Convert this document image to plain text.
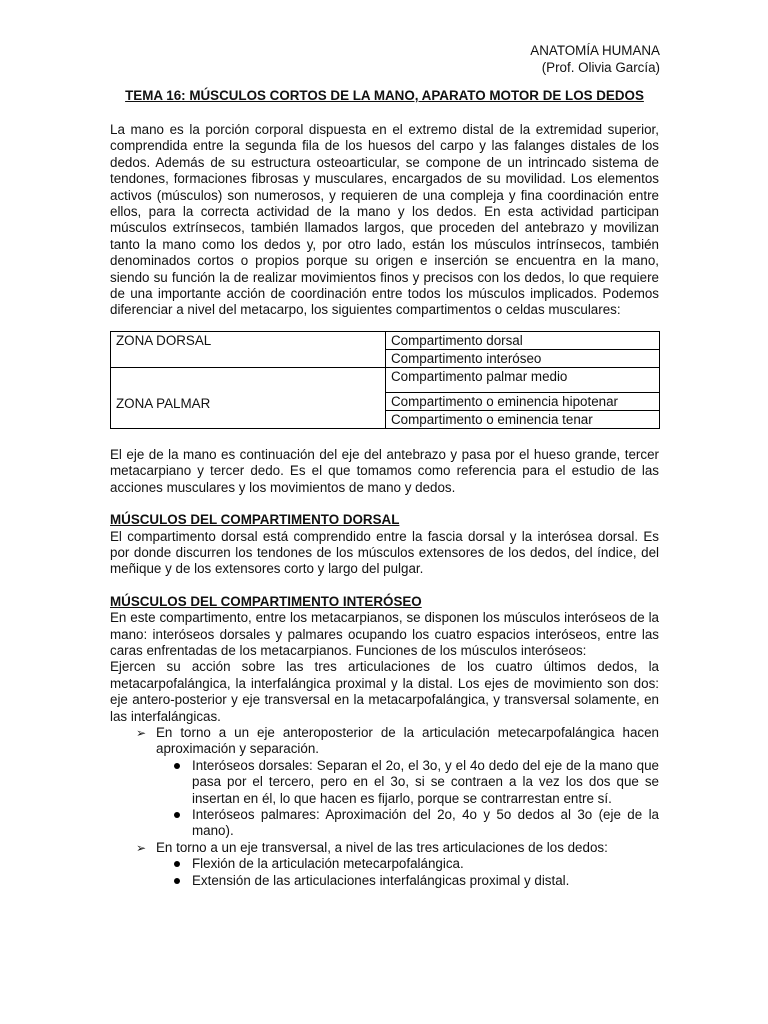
ANATOMÍA HUMANA
(Prof. Olivia García)
TEMA 16: MÚSCULOS CORTOS DE LA MANO, APARATO MOTOR DE LOS DEDOS

La mano es la porción corporal dispuesta en el extremo distal de la extremidad superior, comprendida entre la segunda fila de los huesos del carpo y las falanges distales de los dedos. Además de su estructura osteoarticular, se compone de un intrincado sistema de tendones, formaciones fibrosas y musculares, encargados de su movilidad. Los elementos activos (músculos) son numerosos, y requieren de una compleja y fina coordinación entre ellos, para la correcta actividad de la mano y los dedos. En esta actividad participan músculos extrínsecos, también llamados largos, que proceden del antebrazo y movilizan tanto la mano como los dedos y, por otro lado, están los músculos intrínsecos, también denominados cortos o propios porque su origen e inserción se encuentra en la mano, siendo su función la de realizar movimientos finos y precisos con los dedos, lo que requiere de una importante acción de coordinación entre todos los músculos implicados. Podemos diferenciar a nivel del metacarpo, los siguientes compartimentos o celdas musculares:

ZONA DORSAL	Compartimento dorsal
	Compartimento interóseo
ZONA PALMAR	Compartimento palmar medio
	Compartimento o eminencia hipotenar
	Compartimento o eminencia tenar

El eje de la mano es continuación del eje del antebrazo y pasa por el hueso grande, tercer metacarpiano y tercer dedo. Es el que tomamos como referencia para el estudio de las acciones musculares y los movimientos de mano y dedos.

MÚSCULOS DEL COMPARTIMENTO DORSAL

El compartimento dorsal está comprendido entre la fascia dorsal y la interósea dorsal. Es por donde discurren los tendones de los músculos extensores de los dedos, del índice, del meñique y de los extensores corto y largo del pulgar.

MÚSCULOS DEL COMPARTIMENTO INTERÓSEO

En este compartimento, entre los metacarpianos, se disponen los músculos interóseos de la mano: interóseos dorsales y palmares ocupando los cuatro espacios interóseos, entre las caras enfrentadas de los metacarpianos. Funciones de los músculos interóseos:

Ejercen su acción sobre las tres articulaciones de los cuatro últimos dedos, la metacarpofalángica, la interfalángica proximal y la distal. Los ejes de movimiento son dos: eje antero-posterior y eje transversal en la metacarpofalángica, y transversal solamente, en las interfalángicas.

➢ En torno a un eje anteroposterior de la articulación metecarpofalángica hacen aproximación y separación.
Interóseos dorsales: Separan el 2o, el 3o, y el 4o dedo del eje de la mano que pasa por el tercero, pero en el 3o, si se contraen a la vez los dos que se insertan en él, lo que hacen es fijarlo, porque se contrarrestan entre sí.
Interóseos palmares: Aproximación del 2o, 4o y 5o dedos al 3o (eje de la mano).
➢ En torno a un eje transversal, a nivel de las tres articulaciones de los dedos:
Flexión de la articulación metecarpofalángica.
Extensión de las articulaciones interfalángicas proximal y distal.
